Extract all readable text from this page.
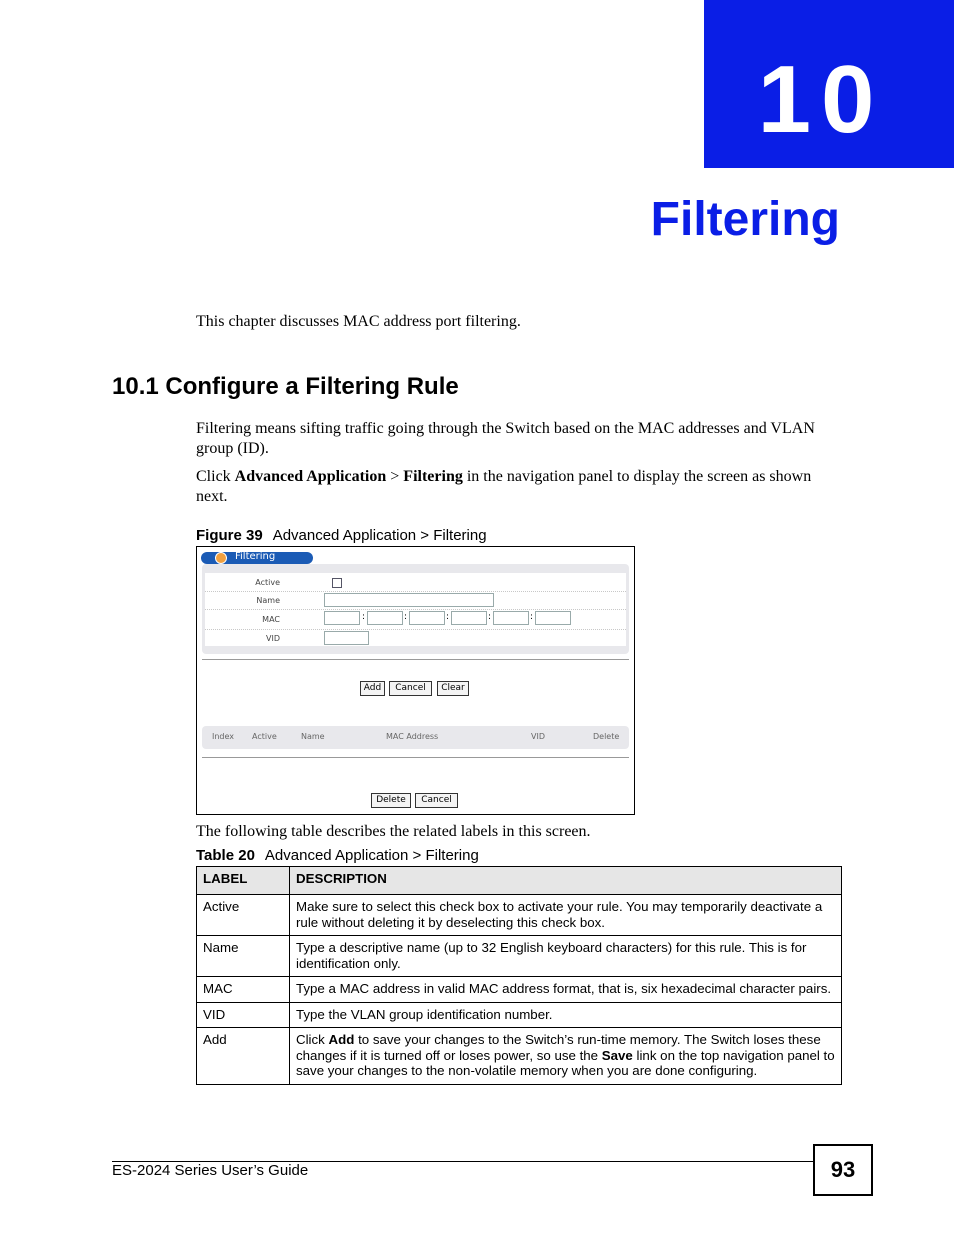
10
Filtering
This chapter discusses MAC address port filtering.
10.1 Configure a Filtering Rule
Filtering means sifting traffic going through the Switch based on the MAC addresses and VLAN group (ID).
Click Advanced Application > Filtering in the navigation panel to display the screen as shown next.
Figure 39 Advanced Application > Filtering
Filtering
Active
Name
MAC	:	:	:	:	:
VID
Add	Cancel	Clear
Index Active	Name	MAC Address	VID	Delete
Delete	Cancel
The following table describes the related labels in this screen.
Table 20 Advanced Application > Filtering
LABEL	DESCRIPTION
Active	Make sure to select this check box to activate your rule. You may temporarily deactivate a rule without deleting it by deselecting this check box.
Name	Type a descriptive name (up to 32 English keyboard characters) for this rule. This is for identification only.
MAC	Type a MAC address in valid MAC address format, that is, six hexadecimal character pairs.
VID	Type the VLAN group identification number.
Add	Click Add to save your changes to the Switch’s run-time memory. The Switch loses these changes if it is turned off or loses power, so use the Save link on the top navigation panel to save your changes to the non-volatile memory when you are done configuring.
ES-2024 Series User’s Guide	93
